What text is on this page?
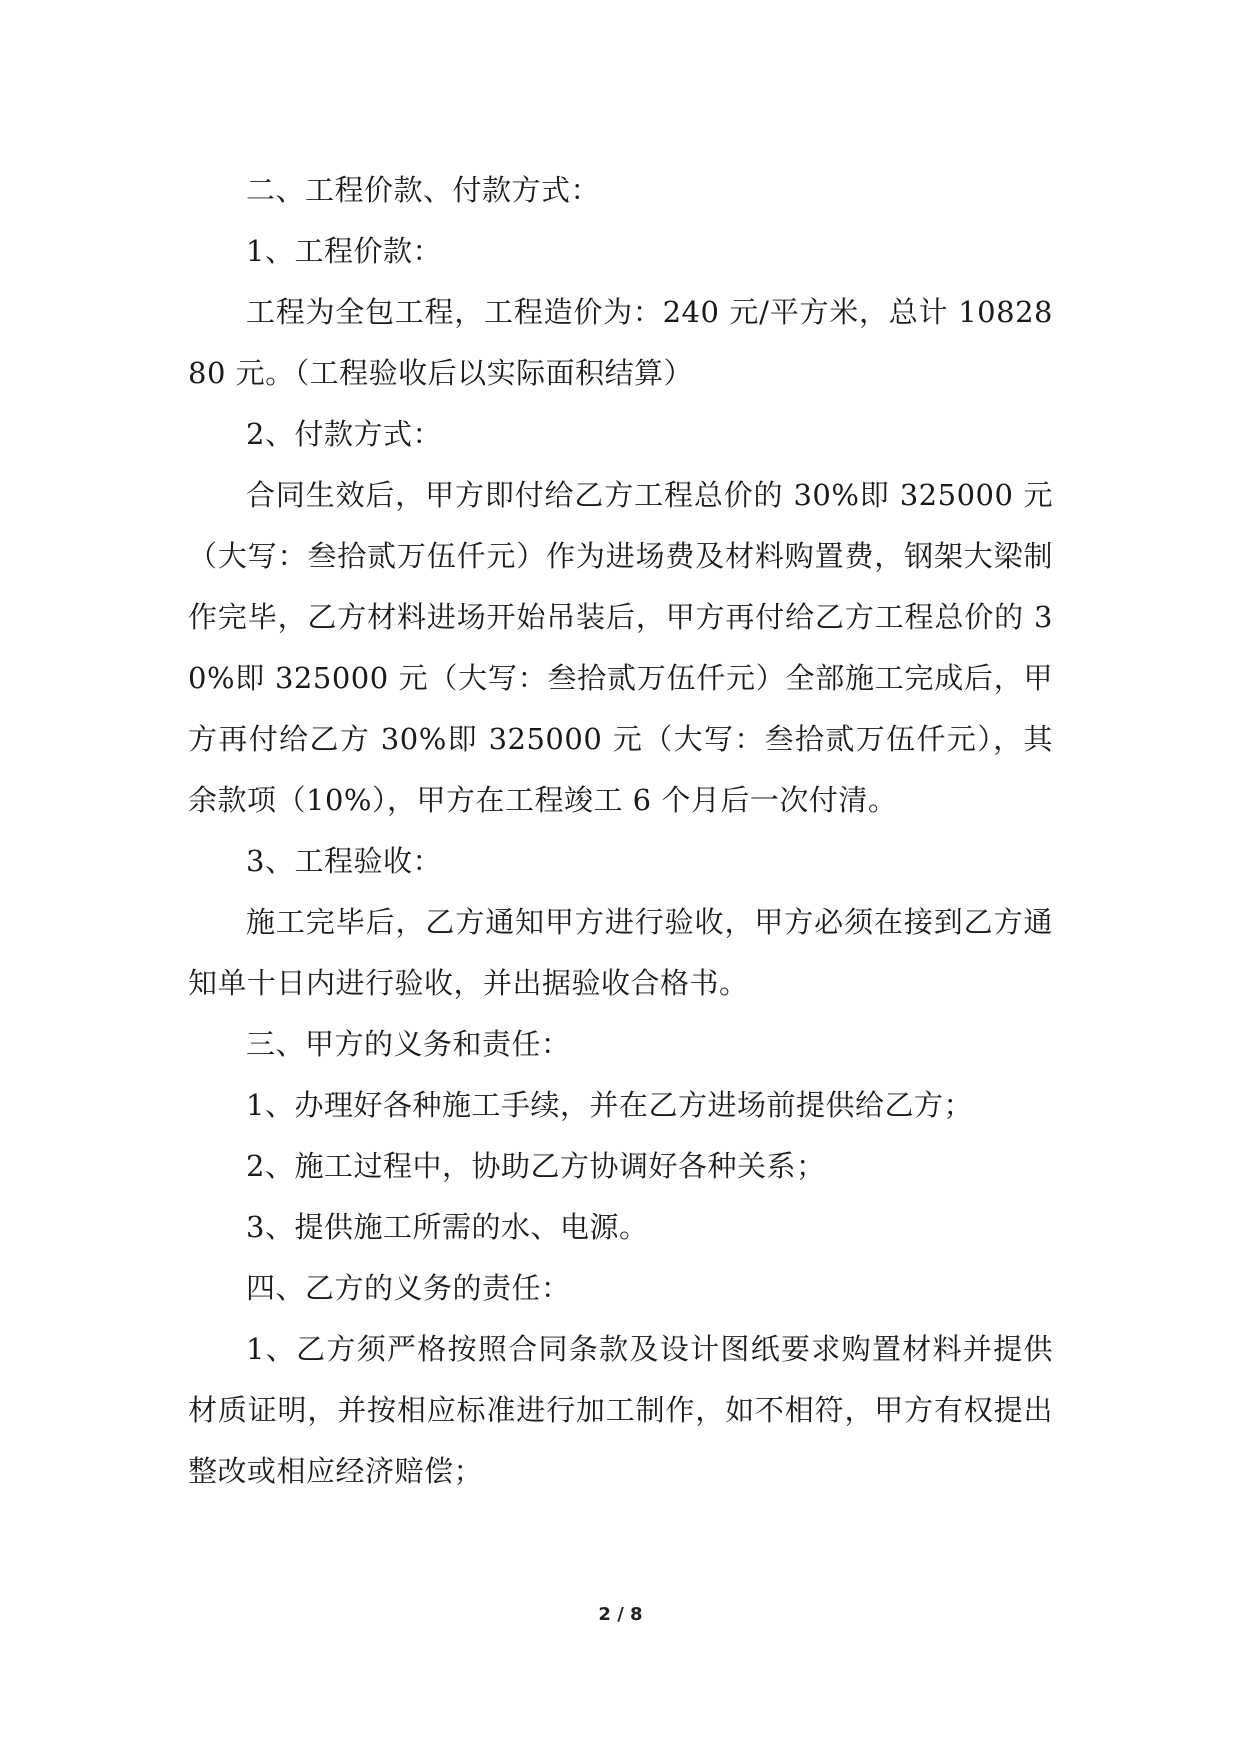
二、工程价款、付款方式：

1、工程价款：

工程为全包工程，工程造价为：240 元/平方米，总计 1082880 元。（工程验收后以实际面积结算）

2、付款方式：

合同生效后，甲方即付给乙方工程总价的 30%即 325000 元（大写：叁拾贰万伍仟元）作为进场费及材料购置费，钢架大梁制作完毕，乙方材料进场开始吊装后，甲方再付给乙方工程总价的 30%即 325000 元（大写：叁拾贰万伍仟元）全部施工完成后，甲方再付给乙方 30%即 325000 元（大写：叁拾贰万伍仟元），其余款项（10%），甲方在工程竣工 6 个月后一次付清。

3、工程验收：

施工完毕后，乙方通知甲方进行验收，甲方必须在接到乙方通知单十日内进行验收，并出据验收合格书。

三、甲方的义务和责任：

1、办理好各种施工手续，并在乙方进场前提供给乙方；

2、施工过程中，协助乙方协调好各种关系；

3、提供施工所需的水、电源。

四、乙方的义务的责任：

1、乙方须严格按照合同条款及设计图纸要求购置材料并提供材质证明，并按相应标准进行加工制作，如不相符，甲方有权提出整改或相应经济赔偿；

2 / 8
